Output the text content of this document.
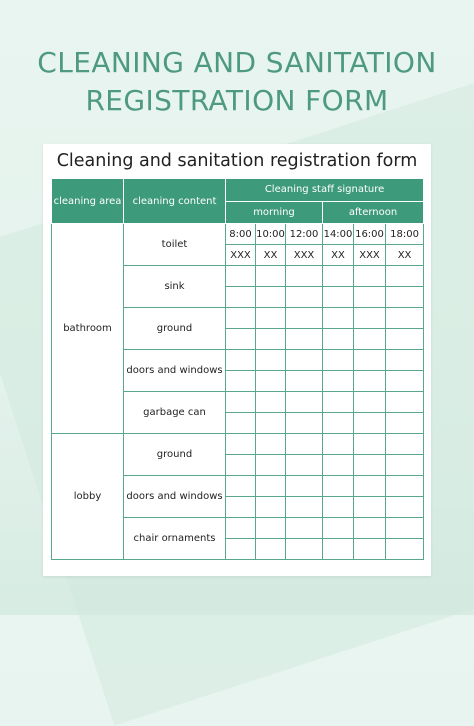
CLEANING AND SANITATION
REGISTRATION FORM
Cleaning and sanitation registration form
cleaning area	cleaning content	Cleaning staff signature					
		morning			afternoon		
bathroom	toilet	8:00	10:00	12:00	14:00	16:00	18:00
		XXX	XX	XXX	XX	XXX	XX
	sink						

	ground						

	doors and windows						

	garbage can						

lobby	ground						

	doors and windows						

	chair ornaments						
